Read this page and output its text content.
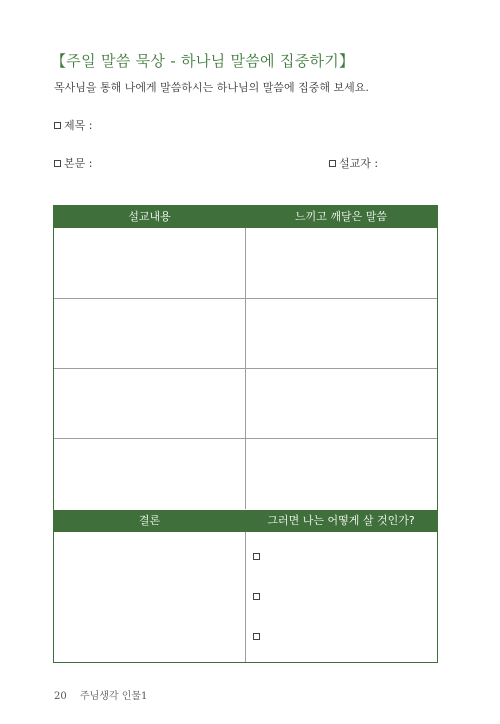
【주일 말씀 묵상 - 하나님 말씀에 집중하기】
목사님을 통해 나에게 말씀하시는 하나님의 말씀에 집중해 보세요.
제목 :
본문 :	설교자 :
설교내용	느끼고 깨달은 말씀
결론	그러면 나는 어떻게 살 것인가?
20 주님생각 인물1
